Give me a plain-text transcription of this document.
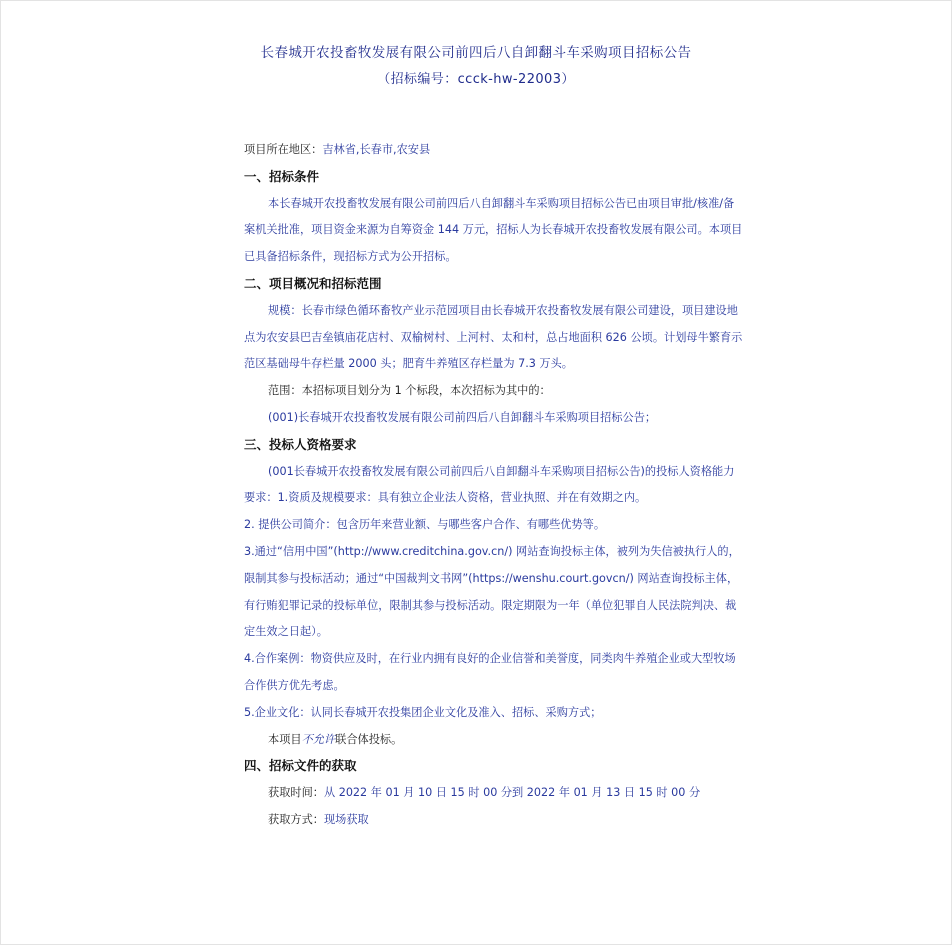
长春城开农投畜牧发展有限公司前四后八自卸翻斗车采购项目招标公告
（招标编号：ccck-hw-22003）

项目所在地区：吉林省,长春市,农安县

一、招标条件

本长春城开农投畜牧发展有限公司前四后八自卸翻斗车采购项目招标公告已由项目审批/核准/备案机关批准，项目资金来源为自筹资金 144 万元，招标人为长春城开农投畜牧发展有限公司。本项目已具备招标条件，现招标方式为公开招标。

二、项目概况和招标范围

规模：长春市绿色循环畜牧产业示范园项目由长春城开农投畜牧发展有限公司建设，项目建设地点为农安县巴吉垒镇庙花店村、双榆树村、上河村、太和村，总占地面积 626 公顷。计划母牛繁育示范区基础母牛存栏量 2000 头；肥育牛养殖区存栏量为 7.3 万头。

范围：本招标项目划分为 1 个标段，本次招标为其中的：

(001)长春城开农投畜牧发展有限公司前四后八自卸翻斗车采购项目招标公告；

三、投标人资格要求

(001长春城开农投畜牧发展有限公司前四后八自卸翻斗车采购项目招标公告)的投标人资格能力要求：1.资质及规模要求：具有独立企业法人资格，营业执照、并在有效期之内。

2. 提供公司简介：包含历年来营业额、与哪些客户合作、有哪些优势等。

3.通过“信用中国”(http://www.creditchina.gov.cn/) 网站查询投标主体，被列为失信被执行人的，限制其参与投标活动；通过“中国裁判文书网”(https://wenshu.court.govcn/) 网站查询投标主体，有行贿犯罪记录的投标单位，限制其参与投标活动。限定期限为一年（单位犯罪自人民法院判决、裁定生效之日起）。

4.合作案例：物资供应及时，在行业内拥有良好的企业信誉和美誉度，同类肉牛养殖企业或大型牧场合作供方优先考虑。

5.企业文化：认同长春城开农投集团企业文化及准入、招标、采购方式；

本项目不允许联合体投标。

四、招标文件的获取

获取时间：从 2022 年 01 月 10 日 15 时 00 分到 2022 年 01 月 13 日 15 时 00 分

获取方式：现场获取
